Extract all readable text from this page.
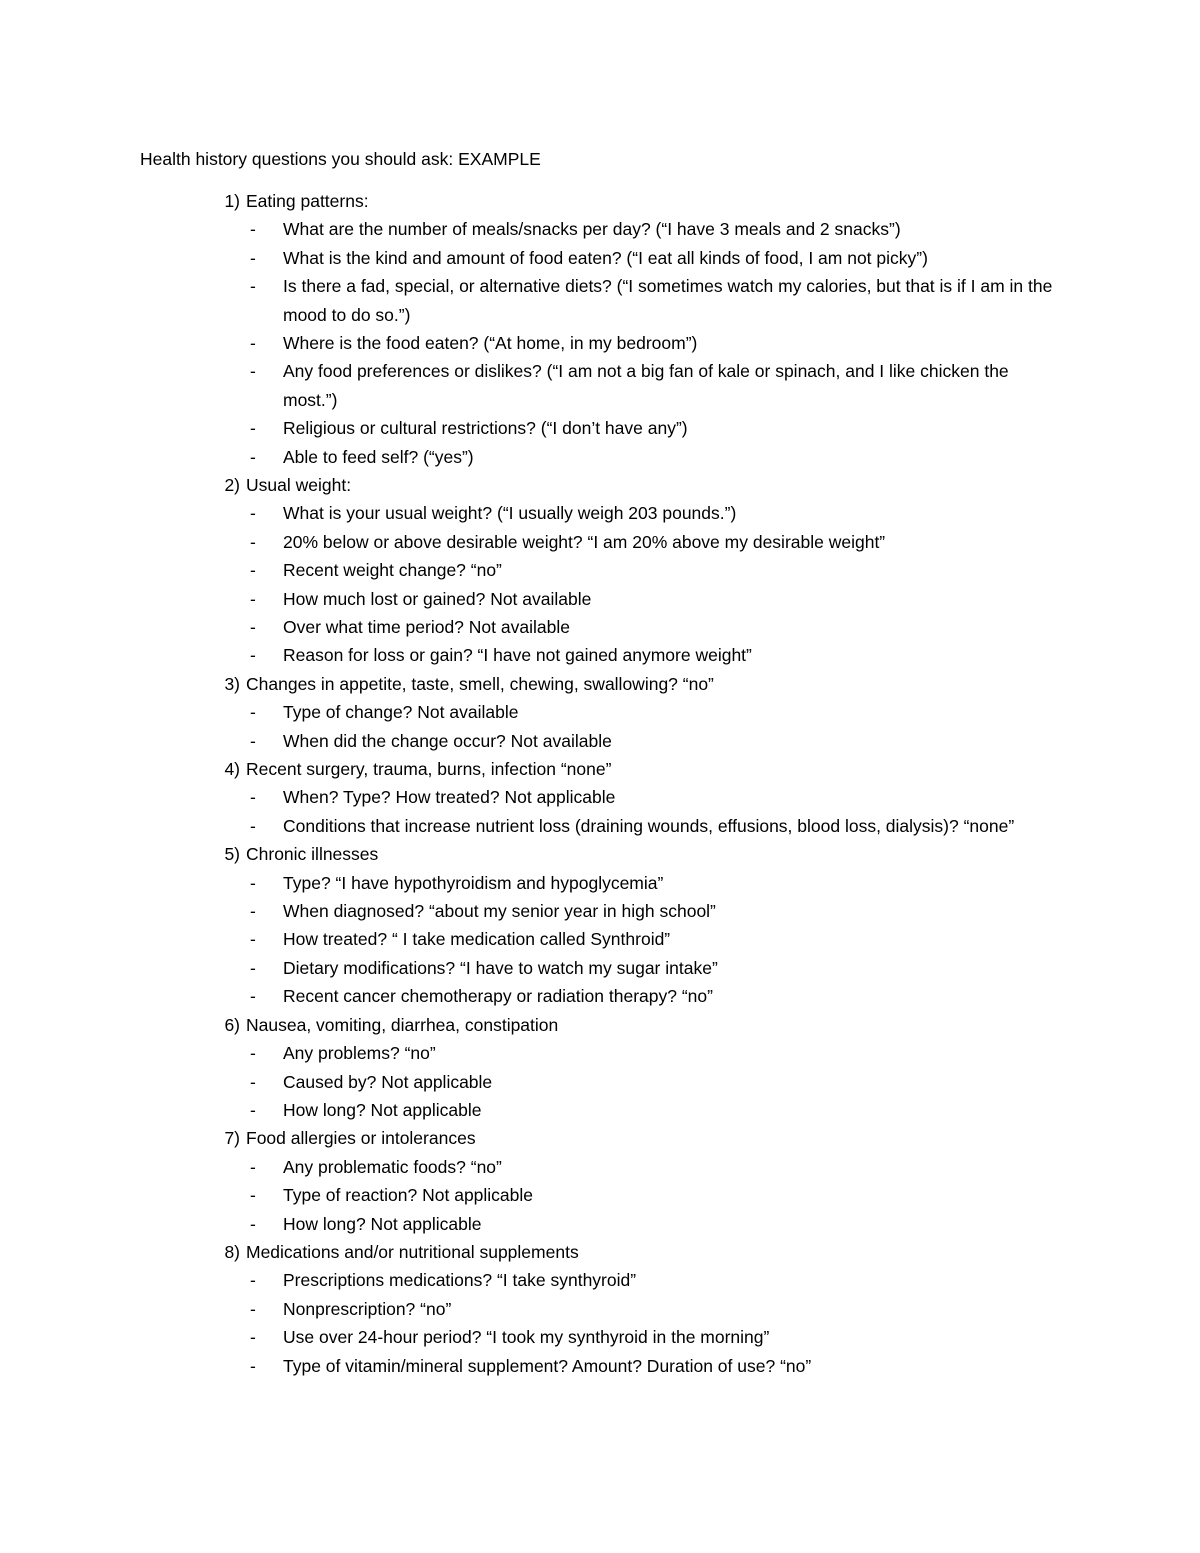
Health history questions you should ask: EXAMPLE
1) Eating patterns:
- What are the number of meals/snacks per day? (“I have 3 meals and 2 snacks”)
- What is the kind and amount of food eaten? (“I eat all kinds of food, I am not picky”)
- Is there a fad, special, or alternative diets? (“I sometimes watch my calories, but that is if I am in the mood to do so.”)
- Where is the food eaten? (“At home, in my bedroom”)
- Any food preferences or dislikes? (“I am not a big fan of kale or spinach, and I like chicken the most.”)
- Religious or cultural restrictions? (“I don’t have any”)
- Able to feed self? (“yes”)
2) Usual weight:
- What is your usual weight? (“I usually weigh 203 pounds.”)
- 20% below or above desirable weight? “I am 20% above my desirable weight”
- Recent weight change? “no”
- How much lost or gained? Not available
- Over what time period? Not available
- Reason for loss or gain? “I have not gained anymore weight”
3) Changes in appetite, taste, smell, chewing, swallowing? “no”
- Type of change? Not available
- When did the change occur? Not available
4) Recent surgery, trauma, burns, infection “none”
- When? Type? How treated? Not applicable
- Conditions that increase nutrient loss (draining wounds, effusions, blood loss, dialysis)? “none”
5) Chronic illnesses
- Type? “I have hypothyroidism and hypoglycemia”
- When diagnosed? “about my senior year in high school”
- How treated? “ I take medication called Synthroid”
- Dietary modifications? “I have to watch my sugar intake”
- Recent cancer chemotherapy or radiation therapy? “no”
6) Nausea, vomiting, diarrhea, constipation
- Any problems? “no”
- Caused by? Not applicable
- How long? Not applicable
7) Food allergies or intolerances
- Any problematic foods? “no”
- Type of reaction? Not applicable
- How long? Not applicable
8) Medications and/or nutritional supplements
- Prescriptions medications? “I take synthyroid”
- Nonprescription? “no”
- Use over 24-hour period? “I took my synthyroid in the morning”
- Type of vitamin/mineral supplement? Amount? Duration of use? “no”
